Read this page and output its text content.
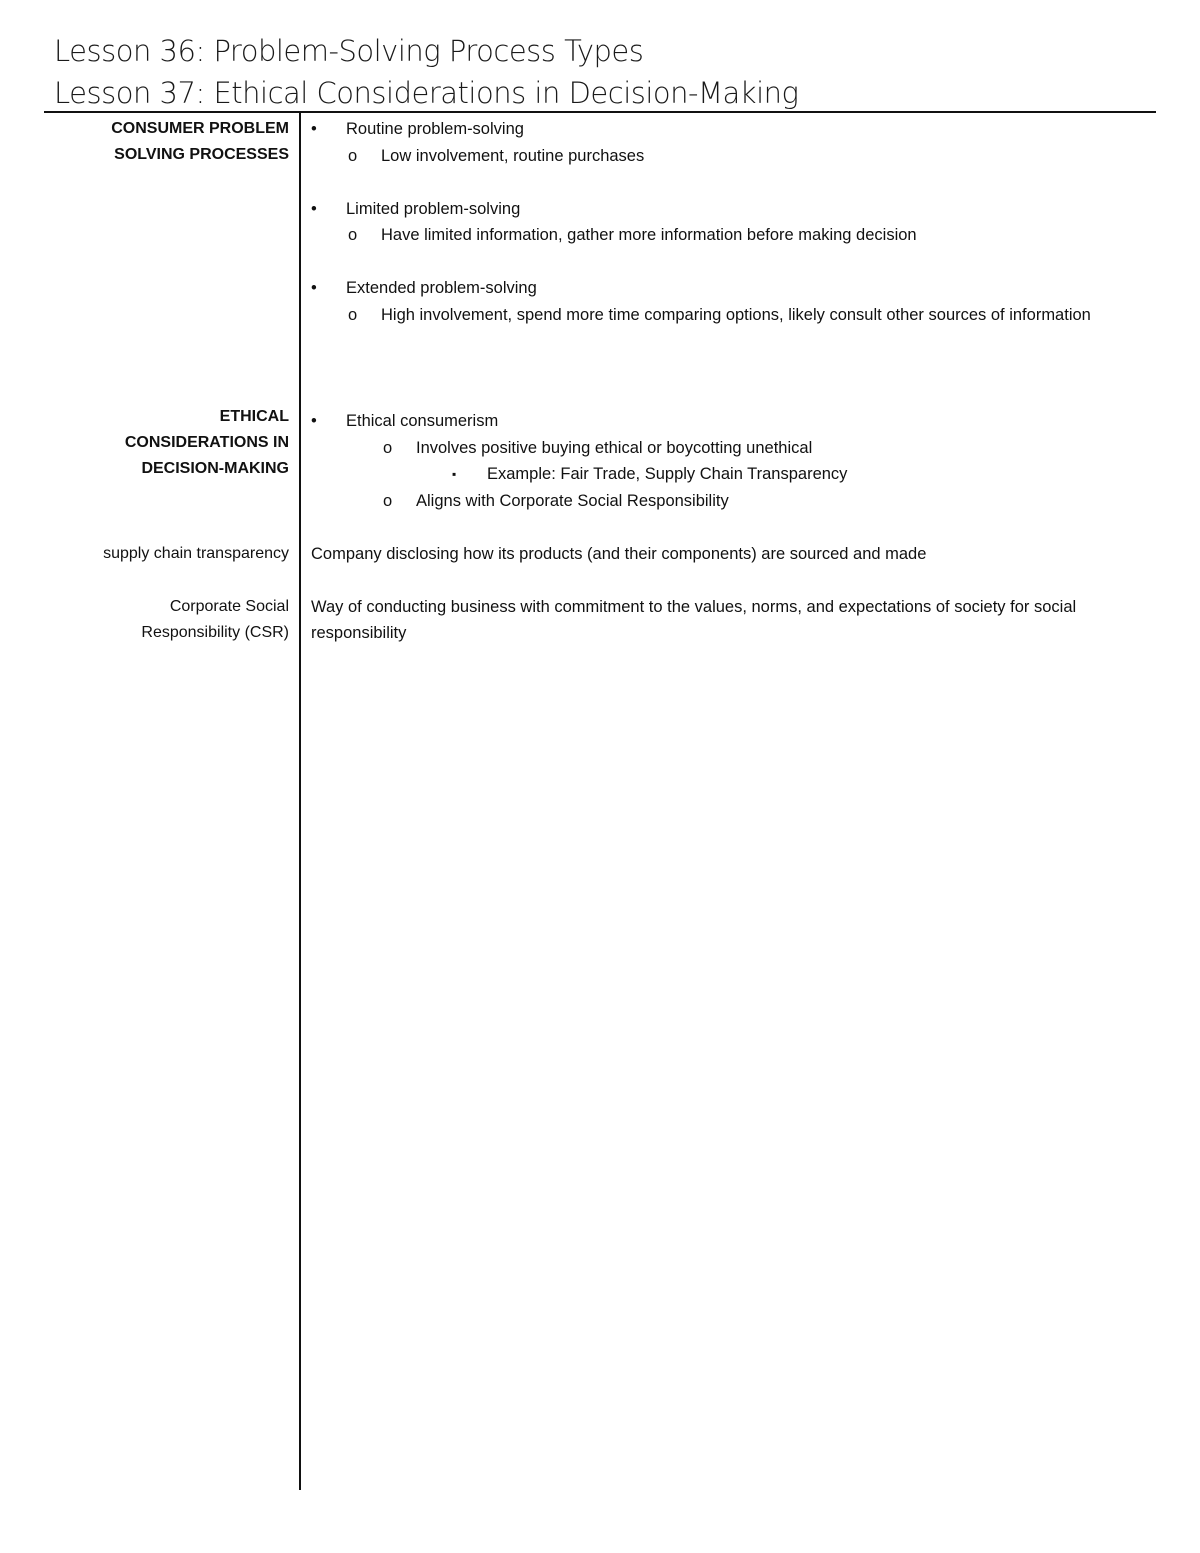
Lesson 36: Problem-Solving Process Types
Lesson 37: Ethical Considerations in Decision-Making
CONSUMER PROBLEM SOLVING PROCESSES
ETHICAL CONSIDERATIONS IN DECISION-MAKING
supply chain transparency
Corporate Social Responsibility (CSR)
• Routine problem-solving
o Low involvement, routine purchases
• Limited problem-solving
o Have limited information, gather more information before making decision
• Extended problem-solving
o High involvement, spend more time comparing options, likely consult other sources of information
• Ethical consumerism
o Involves positive buying ethical or boycotting unethical
▪ Example: Fair Trade, Supply Chain Transparency
o Aligns with Corporate Social Responsibility
Company disclosing how its products (and their components) are sourced and made
Way of conducting business with commitment to the values, norms, and expectations of society for social responsibility
